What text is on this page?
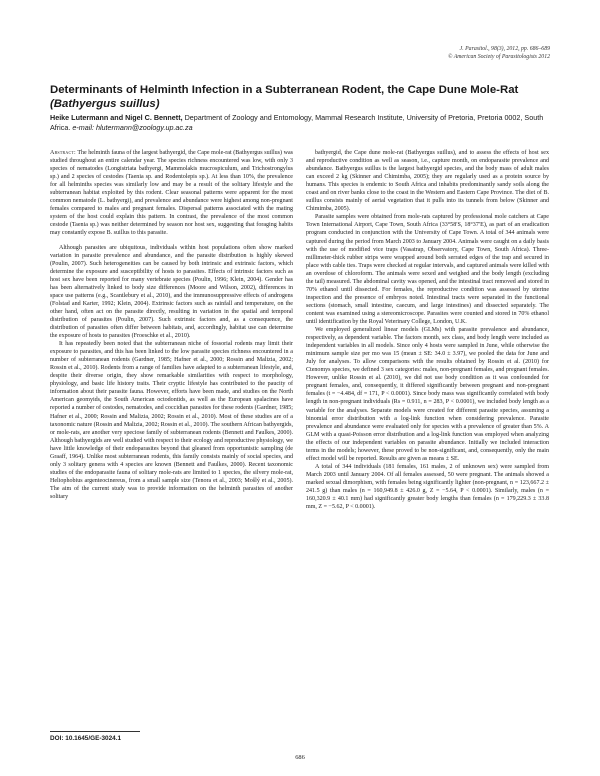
J. Parasitol., 98(3), 2012, pp. 686–689
© American Society of Parasitologists 2012
Determinants of Helminth Infection in a Subterranean Rodent, the Cape Dune Mole-Rat (Bathyergus suillus)
Heike Lutermann and Nigel C. Bennett, Department of Zoology and Entomology, Mammal Research Institute, University of Pretoria, Pretoria 0002, South Africa. e-mail: hlutermann@zoology.up.ac.za

Abstract: The helminth fauna of the largest bathyergid, the Cape mole-rat (Bathyergus suillus) was studied throughout an entire calendar year. The species richness encountered was low, with only 3 species of nematodes (Longistriata bathyergi, Mammolakis mucrospiculum, and Trichostrongylus sp.) and 2 species of cestodes (Taenia sp. and Rodentolepis sp.). At less than 10%, the prevalence for all helminths species was similarly low and may be a result of the solitary lifestyle and the subterranean habitat exploited by this rodent. Clear seasonal patterns were apparent for the most common nematode (L. bathyergi), and prevalence and abundance were highest among non-pregnant females compared to males and pregnant females. Dispersal patterns associated with the mating system of the host could explain this pattern. In contrast, the prevalence of the most common cestode (Taenia sp.) was neither determined by season nor host sex, suggesting that foraging habits may constantly expose B. suillus to this parasite.

Although parasites are ubiquitous, individuals within host populations often show marked variation in parasite prevalence and abundance, and the parasite distribution is highly skewed (Poulin, 2007). Such heterogeneities can be caused by both intrinsic and extrinsic factors, which determine the exposure and susceptibility of hosts to parasites. Effects of intrinsic factors such as host sex have been reported for many vertebrate species (Poulin, 1996; Klein, 2004). Gender has has been alternatively linked to body size differences (Moore and Wilson, 2002), differences in space use patterns (e.g., Scantlebury et al., 2010), and the immunosuppressive effects of androgens (Folstad and Karter, 1992; Klein, 2004). Extrinsic factors such as rainfall and temperature, on the other hand, often act on the parasite directly, resulting in variation in the spatial and temporal distribution of parasites (Poulin, 2007). Such extrinsic factors and, as a consequence, the distribution of parasites often differ between habitats, and, accordingly, habitat use can determine the exposure of hosts to parasites (Froeschke et al., 2010).

It has repeatedly been noted that the subterranean niche of fossorial rodents may limit their exposure to parasites, and this has been linked to the low parasite species richness encountered in a number of subterranean rodents (Gardner, 1985; Hafner et al., 2000; Rossin and Malizia, 2002; Rossin et al., 2010). Rodents from a range of families have adapted to a subterranean lifestyle, and, despite their diverse origin, they show remarkable similarities with respect to morphology, physiology, and basic life history traits. Their cryptic lifestyle has contributed to the paucity of information about their parasite fauna. However, efforts have been made, and studies on the North American geomyids, the South American octodontids, as well as the European spalacines have reported a number of cestodes, nematodes, and coccidian parasites for these rodents (Gardner, 1985; Hafner et al., 2000; Rossin and Malizia, 2002; Rossin et al., 2010). Most of these studies are of a taxonomic nature (Rossin and Malizia, 2002; Rossin et al., 2010). The southern African bathyergids, or mole-rats, are another very speciose family of subterranean rodents (Bennett and Faulkes, 2000). Although bathyergids are well studied with respect to their ecology and reproductive physiology, we have little knowledge of their endoparasites beyond that gleaned from opportunistic sampling (de Graaff, 1964). Unlike most subterranean rodents, this family consists mainly of social species, and only 3 solitary genera with 4 species are known (Bennett and Faulkes, 2000). Recent taxonomic studies of the endoparasite fauna of solitary mole-rats are limited to 1 species, the silvery mole-rat, Heliophobius argenteocinereus, from a small sample size (Tenora et al., 2003; Mošlý et al., 2005). The aim of the current study was to provide information on the helminth parasites of another solitary

bathyergid, the Cape dune mole-rat (Bathyergus suillus), and to assess the effects of host sex and reproductive condition as well as season, i.e., capture month, on endoparasite prevalence and abundance. Bathyergus suillus is the largest bathyergid species, and the body mass of adult males can exceed 2 kg (Skinner and Chimimba, 2005); they are regularly used as a protein source by humans. This species is endemic to South Africa and inhabits predominantly sandy soils along the coast and on river banks close to the coast in the Western and Eastern Cape Province. The diet of B. suillus consists mainly of aerial vegetation that it pulls into its tunnels from below (Skinner and Chimimba, 2005).

Parasite samples were obtained from mole-rats captured by professional mole catchers at Cape Town International Airport, Cape Town, South Africa (33°58′S, 18°37′E), as part of an eradication program conducted in conjunction with the University of Cape Town. A total of 344 animals were captured during the period from March 2003 to January 2004. Animals were caught on a daily basis with the use of modified vice traps (Vasatrap, Observatory, Cape Town, South Africa). Three-millimeter-thick rubber strips were wrapped around both serrated edges of the trap and secured in place with cable ties. Traps were checked at regular intervals, and captured animals were killed with an overdose of chloroform. The animals were sexed and weighed and the body length (excluding the tail) measured. The abdominal cavity was opened, and the intestinal tract removed and stored in 70% ethanol until dissected. For females, the reproductive condition was assessed by uterine inspection and the presence of embryos noted. Intestinal tracts were separated in the functional sections (stomach, small intestine, caecum, and large intestines) and dissected separately. The content was examined using a stereomicroscope. Parasites were counted and stored in 70% ethanol until identification by the Royal Veterinary College, London, U.K.

We employed generalized linear models (GLMs) with parasite prevalence and abundance, respectively, as dependent variable. The factors month, sex class, and body length were included as independent variables in all models. Since only 4 hosts were sampled in June, while otherwise the minimum sample size per mo was 15 (mean ± SE: 34.0 ± 3.97), we pooled the data for June and July for analyses. To allow comparisons with the results obtained by Rossin et al. (2010) for Ctenomys species, we defined 3 sex categories: males, non-pregnant females, and pregnant females. However, unlike Rossin et al. (2010), we did not use body condition as it was confounded for pregnant females, and, consequently, it differed significantly between pregnant and non-pregnant females (t = −4.484, df = 171, P < 0.0001). Since body mass was significantly correlated with body length in non-pregnant individuals (Rs = 0.911, n = 283, P < 0.0001), we included body length as a variable for the analyses. Separate models were created for different parasite species, assuming a binomial error distribution with a log-link function when considering prevalence. Parasite prevalence and abundance were evaluated only for species with a prevalence of greater than 5%. A GLM with a quasi-Poisson error distribution and a log-link function was employed when analyzing the effects of our independent variables on parasite abundance. Initially we included interaction terms in the models; however, these proved to be non-significant, and, consequently, only the main effect model will be reported. Results are given as means ± SE.

A total of 344 individuals (181 females, 161 males, 2 of unknown sex) were sampled from March 2003 until January 2004. Of all females assessed, 50 were pregnant. The animals showed a marked sexual dimorphism, with females being significantly lighter (non-pregnant, n = 123,667.2 ± 241.5 g) than males (n = 160,949.8 ± 426.0 g, Z = −5.64, P < 0.0001). Similarly, males (n = 160,320.9 ± 40.1 mm) had significantly greater body lengths than females (n = 179,229.3 ± 33.8 mm, Z = −5.62, P < 0.0001).

DOI: 10.1645/GE-3024.1
686
